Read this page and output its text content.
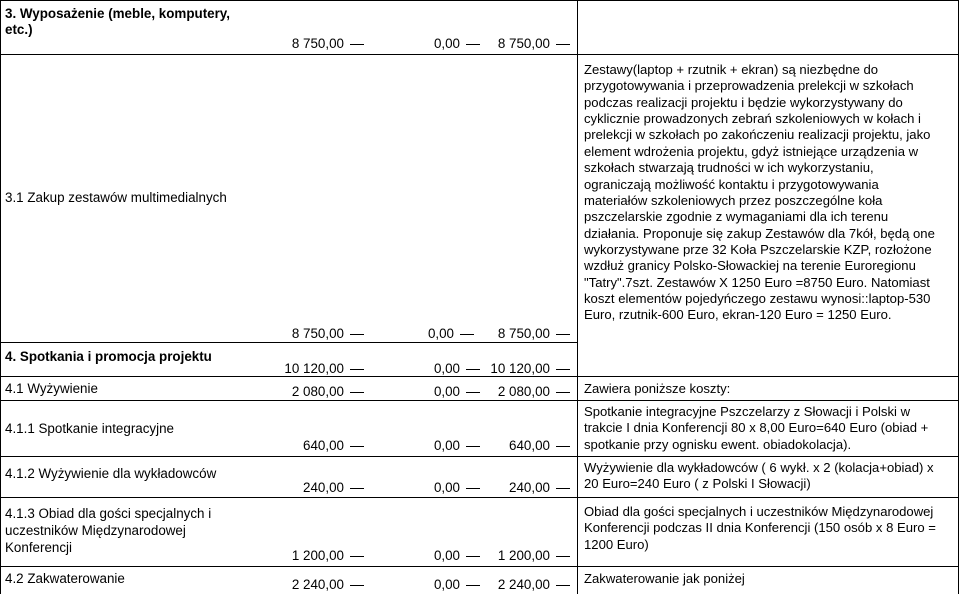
3. Wyposażenie (meble, komputery,
etc.)
8 750,00	0,00	8 750,00
3.1 Zakup zestawów multimedialnych
8 750,00	0,00	8 750,00
Zestawy(laptop + rzutnik + ekran) są niezbędne do
przygotowywania i przeprowadzenia prelekcji w szkołach
podczas realizacji projektu i będzie wykorzystywany do
cyklicznie prowadzonych zebrań szkoleniowych w kołach i
prelekcji w szkołach po zakończeniu realizacji projektu, jako
element wdrożenia projektu, gdyż istniejące urządzenia w
szkołach stwarzają trudności w ich wykorzystaniu,
ograniczają możliwość kontaktu i przygotowywania
materiałów szkoleniowych przez poszczególne koła
pszczelarskie zgodnie z wymaganiami dla ich terenu
działania. Proponuje się zakup Zestawów dla 7kół, będą one
wykorzystywane prze 32 Koła Pszczelarskie KZP, rozłożone
wzdłuż granicy Polsko-Słowackiej na terenie Euroregionu
"Tatry".7szt. Zestawów X 1250 Euro =8750 Euro. Natomiast
koszt elementów pojedyńczego zestawu wynosi::laptop-530
Euro, rzutnik-600 Euro, ekran-120 Euro = 1250 Euro.
4. Spotkania i promocja projektu
10 120,00	0,00	10 120,00
4.1 Wyżywienie	2 080,00	0,00	2 080,00	Zawiera poniższe koszty:
4.1.1 Spotkanie integracyjne
640,00	0,00	640,00
Spotkanie integracyjne Pszczelarzy z Słowacji i Polski w
trakcie I dnia Konferencji 80 x 8,00 Euro=640 Euro (obiad +
spotkanie przy ognisku ewent. obiadokolacja).
4.1.2 Wyżywienie dla wykładowców
240,00	0,00	240,00
Wyżywienie dla wykładowców ( 6 wykł. x 2 (kolacja+obiad) x
20 Euro=240 Euro ( z Polski I Słowacji)
4.1.3 Obiad dla gości specjalnych i
uczestników Międzynarodowej
Konferencji
1 200,00	0,00	1 200,00
Obiad dla gości specjalnych i uczestników Międzynarodowej
Konferencji podczas II dnia Konferencji (150 osób x 8 Euro =
1200 Euro)
4.2 Zakwaterowanie	2 240,00	0,00	2 240,00	Zakwaterowanie jak poniżej
